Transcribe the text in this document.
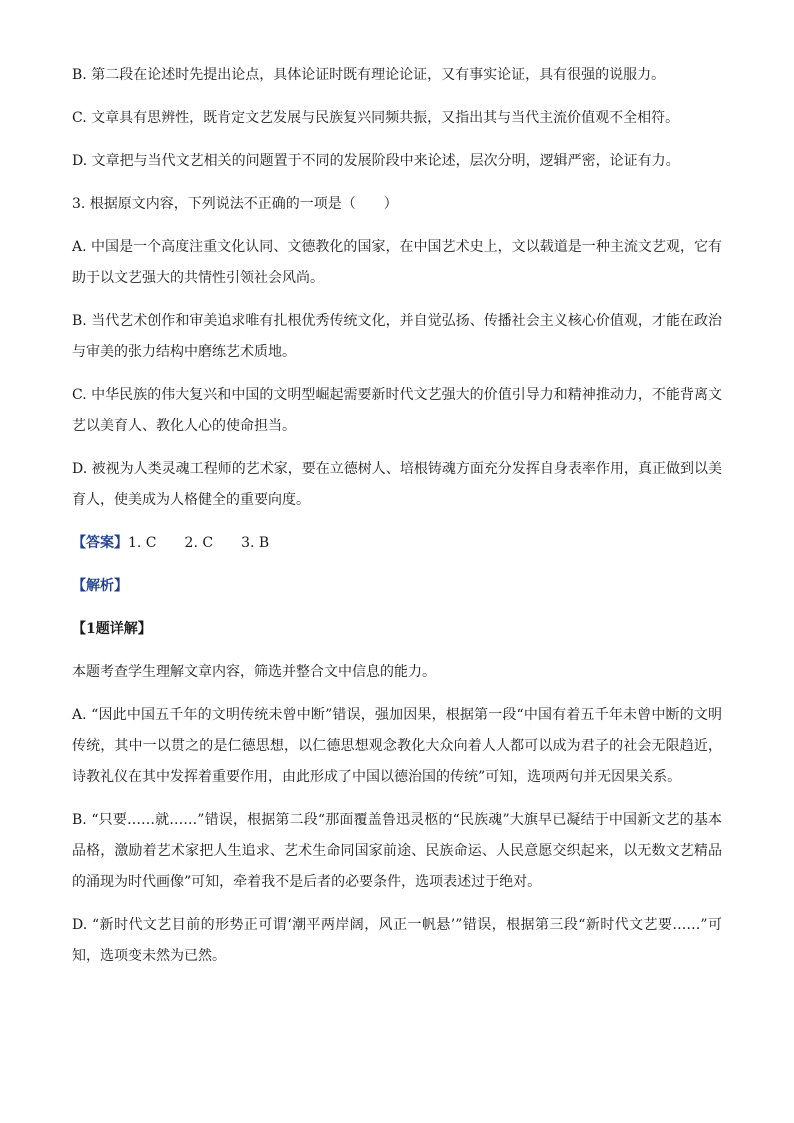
B. 第二段在论述时先提出论点，具体论证时既有理论论证，又有事实论证，具有很强的说服力。

C. 文章具有思辨性，既肯定文艺发展与民族复兴同频共振，又指出其与当代主流价值观不全相符。

D. 文章把与当代文艺相关的问题置于不同的发展阶段中来论述，层次分明，逻辑严密，论证有力。

3. 根据原文内容，下列说法不正确的一项是（　　）

A. 中国是一个高度注重文化认同、文德教化的国家，在中国艺术史上，文以载道是一种主流文艺观，它有助于以文艺强大的共情性引领社会风尚。

B. 当代艺术创作和审美追求唯有扎根优秀传统文化，并自觉弘扬、传播社会主义核心价值观，才能在政治与审美的张力结构中磨练艺术质地。

C. 中华民族的伟大复兴和中国的文明型崛起需要新时代文艺强大的价值引导力和精神推动力，不能背离文艺以美育人、教化人心的使命担当。

D. 被视为人类灵魂工程师的艺术家，要在立德树人、培根铸魂方面充分发挥自身表率作用，真正做到以美育人，使美成为人格健全的重要向度。

【答案】1. C 2. C 3. B
【解析】
【1题详解】

本题考查学生理解文章内容，筛选并整合文中信息的能力。

A. “因此中国五千年的文明传统未曾中断”错误，强加因果，根据第一段“中国有着五千年未曾中断的文明传统，其中一以贯之的是仁德思想，以仁德思想观念教化大众向着人人都可以成为君子的社会无限趋近，诗教礼仪在其中发挥着重要作用，由此形成了中国以德治国的传统”可知，选项两句并无因果关系。

B. “只要……就……”错误，根据第二段“那面覆盖鲁迅灵柩的“民族魂”大旗早已凝结于中国新文艺的基本品格，激励着艺术家把人生追求、艺术生命同国家前途、民族命运、人民意愿交织起来，以无数文艺精品的涌现为时代画像”可知，牵着我不是后者的必要条件，选项表述过于绝对。

D. “新时代文艺目前的形势正可谓‘潮平两岸阔，风正一帆悬’”错误，根据第三段“新时代文艺要……”可知，选项变未然为已然。
